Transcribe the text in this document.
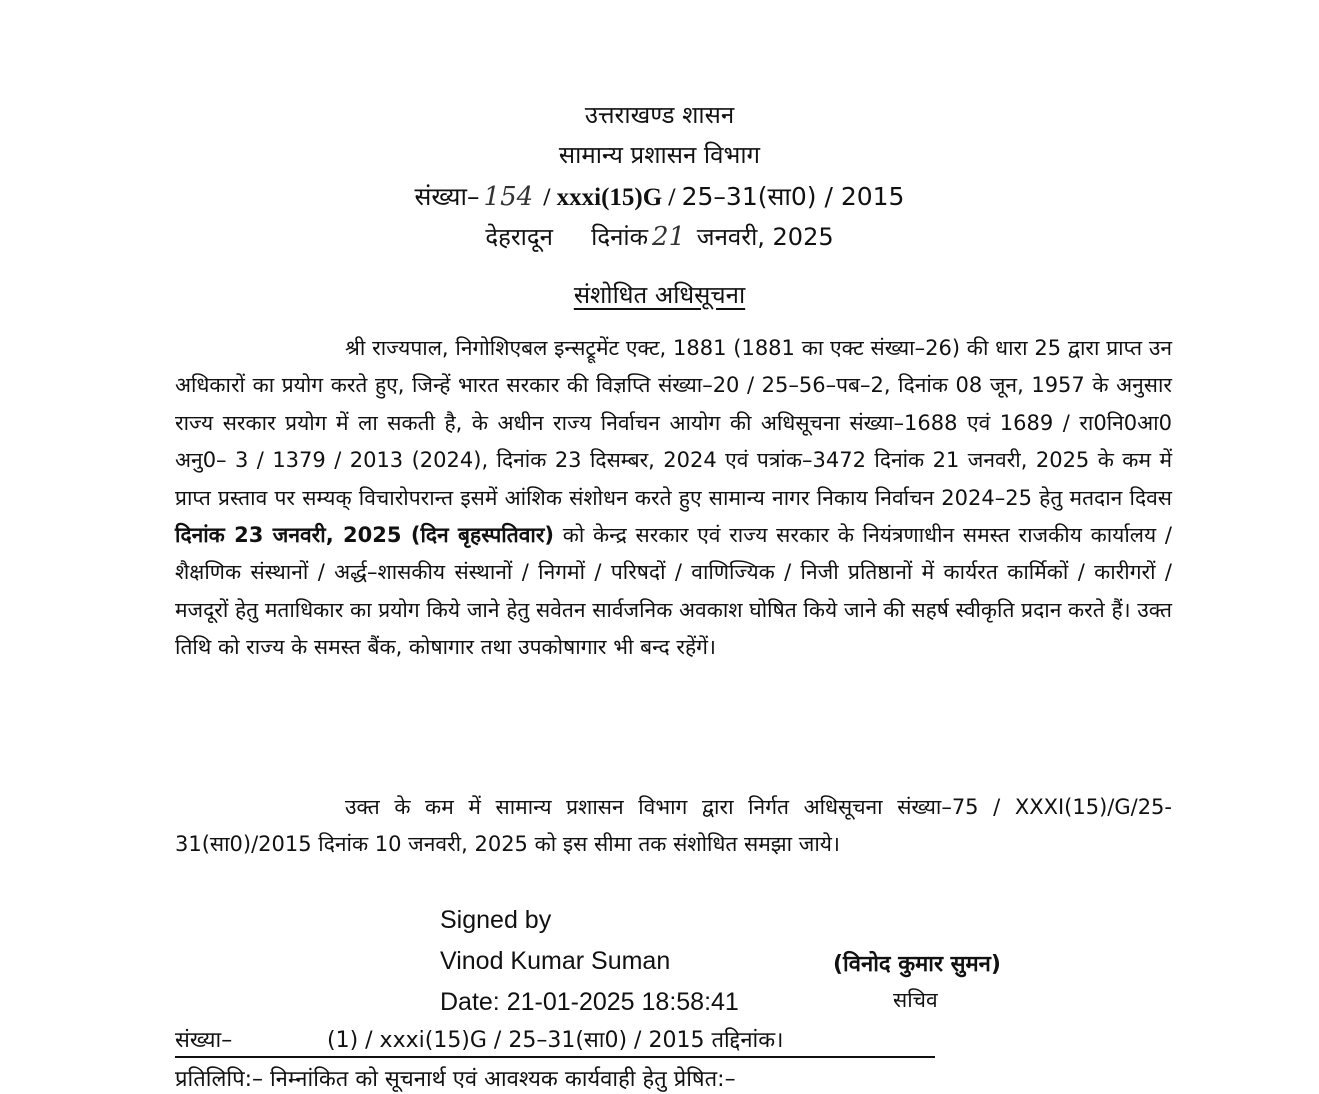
उत्तराखण्ड शासन
सामान्य प्रशासन विभाग
संख्या– 154 / xxxi(15)G / 25–31(सा0) / 2015
देहरादून दिनांक 21 जनवरी, 2025
संशोधित अधिसूचना
श्री राज्यपाल, निगोशिएबल इन्सट्रूमेंट एक्ट, 1881 (1881 का एक्ट संख्या–26) की धारा 25 द्वारा प्राप्त उन अधिकारों का प्रयोग करते हुए, जिन्हें भारत सरकार की विज्ञप्ति संख्या–20 / 25–56–पब–2, दिनांक 08 जून, 1957 के अनुसार राज्य सरकार प्रयोग में ला सकती है, के अधीन राज्य निर्वाचन आयोग की अधिसूचना संख्या–1688 एवं 1689 / रा0नि0आ0 अनु0– 3 / 1379 / 2013 (2024), दिनांक 23 दिसम्बर, 2024 एवं पत्रांक–3472 दिनांक 21 जनवरी, 2025 के कम में प्राप्त प्रस्ताव पर सम्यक् विचारोपरान्त इसमें आंशिक संशोधन करते हुए सामान्य नागर निकाय निर्वाचन 2024–25 हेतु मतदान दिवस दिनांक 23 जनवरी, 2025 (दिन बृहस्पतिवार) को केन्द्र सरकार एवं राज्य सरकार के नियंत्रणाधीन समस्त राजकीय कार्यालय / शैक्षणिक संस्थानों / अर्द्ध–शासकीय संस्थानों / निगमों / परिषदों / वाणिज्यिक / निजी प्रतिष्ठानों में कार्यरत कार्मिकों / कारीगरों / मजदूरों हेतु मताधिकार का प्रयोग किये जाने हेतु सवेतन सार्वजनिक अवकाश घोषित किये जाने की सहर्ष स्वीकृति प्रदान करते हैं। उक्त तिथि को राज्य के समस्त बैंक, कोषागार तथा उपकोषागार भी बन्द रहेंगें।
उक्त के कम में सामान्य प्रशासन विभाग द्वारा निर्गत अधिसूचना संख्या–75 / XXXI(15)/G/25-31(सा0)/2015 दिनांक 10 जनवरी, 2025 को इस सीमा तक संशोधित समझा जाये।
Signed by
Vinod Kumar Suman
Date: 21-01-2025 18:58:41
(विनोद कुमार सुमन)
सचिव
संख्या–	(1) / xxxi(15)G / 25–31(सा0) / 2015 तद्दिनांक।
प्रतिलिपि:– निम्नांकित को सूचनार्थ एवं आवश्यक कार्यवाही हेतु प्रेषित:–
